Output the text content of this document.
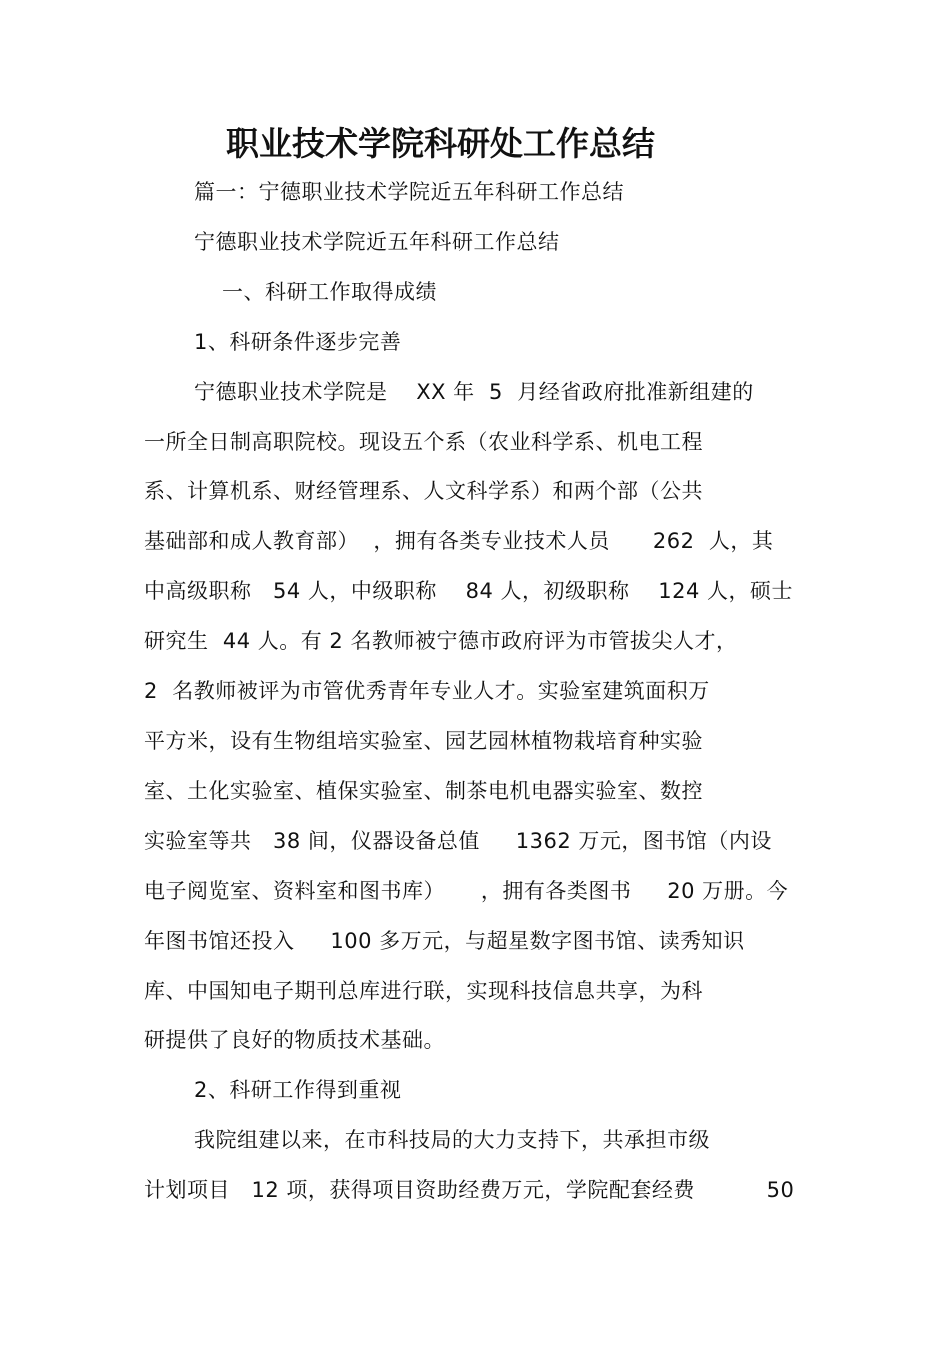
职业技术学院科研处工作总结

篇一：宁德职业技术学院近五年科研工作总结

宁德职业技术学院近五年科研工作总结

一、科研工作取得成绩

1、科研条件逐步完善

宁德职业技术学院是    XX 年  5  月经省政府批准新组建的

一所全日制高职院校。现设五个系（农业科学系、机电工程

系、计算机系、财经管理系、人文科学系）和两个部（公共

基础部和成人教育部）  ，拥有各类专业技术人员      262  人，其

中高级职称   54 人，中级职称    84 人，初级职称    124 人，硕士

研究生  44 人。有 2 名教师被宁德市政府评为市管拔尖人才，

2  名教师被评为市管优秀青年专业人才。实验室建筑面积万

平方米，设有生物组培实验室、园艺园林植物栽培育种实验

室、土化实验室、植保实验室、制茶电机电器实验室、数控

实验室等共   38 间，仪器设备总值     1362 万元，图书馆（内设

电子阅览室、资料室和图书库）     ，拥有各类图书     20 万册。今

年图书馆还投入     100 多万元，与超星数字图书馆、读秀知识

库、中国知电子期刊总库进行联，实现科技信息共享，为科

研提供了良好的物质技术基础。

2、科研工作得到重视

我院组建以来，在市科技局的大力支持下，共承担市级

计划项目   12 项，获得项目资助经费万元，学院配套经费          50
